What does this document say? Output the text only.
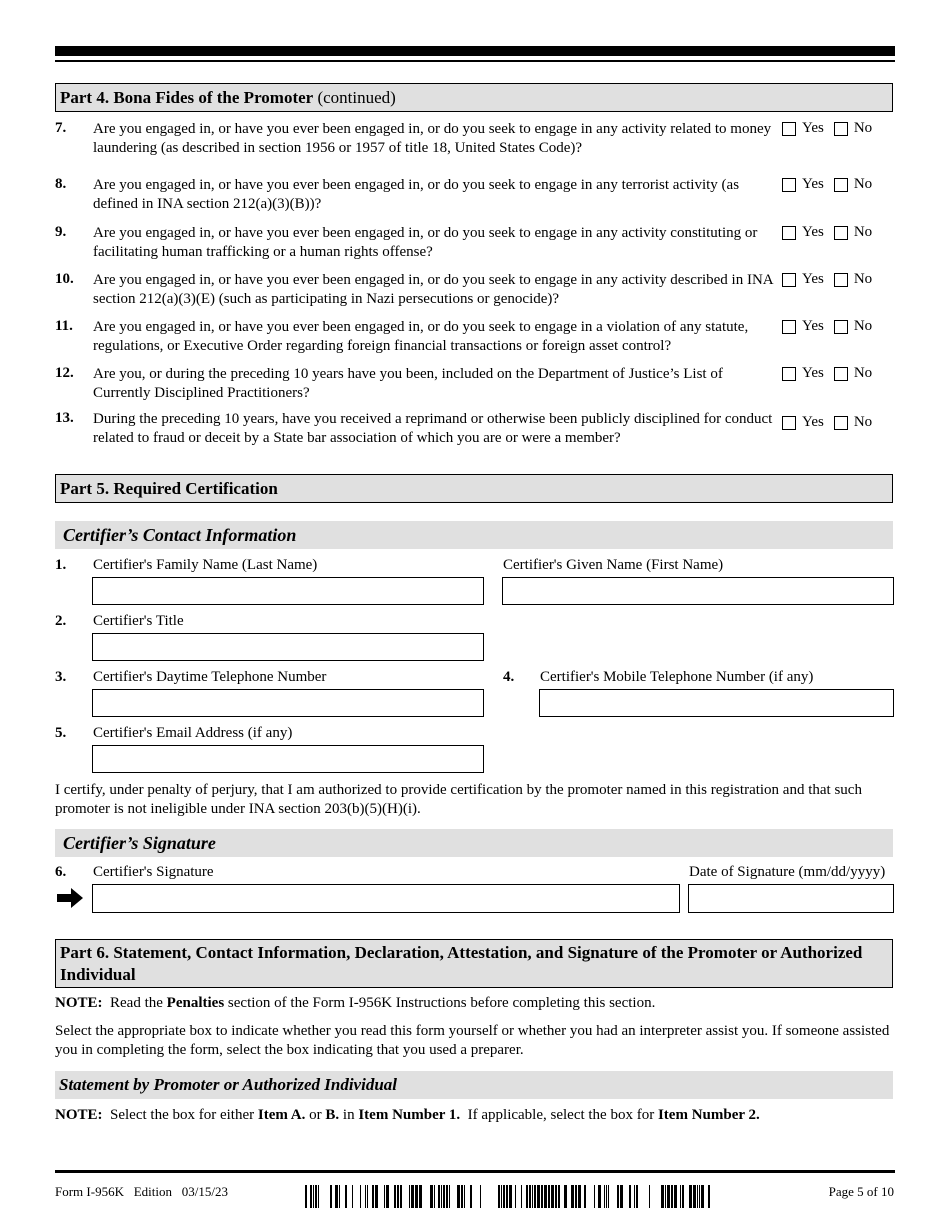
Part 4. Bona Fides of the Promoter (continued)
7.	Are you engaged in, or have you ever been engaged in, or do you seek to engage in any activity related to money laundering (as described in section 1956 or 1957 of title 18, United States Code)?
Yes No
8.	Are you engaged in, or have you ever been engaged in, or do you seek to engage in any terrorist activity (as defined in INA section 212(a)(3)(B))?
Yes No
9.	Are you engaged in, or have you ever been engaged in, or do you seek to engage in any activity constituting or facilitating human trafficking or a human rights offense?
Yes No
10.	Are you engaged in, or have you ever been engaged in, or do you seek to engage in any activity described in INA section 212(a)(3)(E) (such as participating in Nazi persecutions or genocide)?
Yes No
11.	Are you engaged in, or have you ever been engaged in, or do you seek to engage in a violation of any statute, regulations, or Executive Order regarding foreign financial transactions or foreign asset control?
Yes No
12.	Are you, or during the preceding 10 years have you been, included on the Department of Justice’s List of Currently Disciplined Practitioners?
Yes No
13.	During the preceding 10 years, have you received a reprimand or otherwise been publicly disciplined for conduct related to fraud or deceit by a State bar association of which you are or were a member?
Yes No
Part 5. Required Certification
Certifier’s Contact Information
1. Certifier's Family Name (Last Name)	Certifier's Given Name (First Name)
2. Certifier's Title
3. Certifier's Daytime Telephone Number	4. Certifier's Mobile Telephone Number (if any)
5. Certifier's Email Address (if any)
I certify, under penalty of perjury, that I am authorized to provide certification by the promoter named in this registration and that such promoter is not ineligible under INA section 203(b)(5)(H)(i).
Certifier’s Signature
6. Certifier's Signature	Date of Signature (mm/dd/yyyy)
Part 6. Statement, Contact Information, Declaration, Attestation, and Signature of the Promoter or Authorized Individual
NOTE:  Read the Penalties section of the Form I-956K Instructions before completing this section.
Select the appropriate box to indicate whether you read this form yourself or whether you had an interpreter assist you. If someone assisted you in completing the form, select the box indicating that you used a preparer.
Statement by Promoter or Authorized Individual
NOTE:  Select the box for either Item A. or B. in Item Number 1.  If applicable, select the box for Item Number 2.
Form I-956K   Edition   03/15/23	Page 5 of 10
